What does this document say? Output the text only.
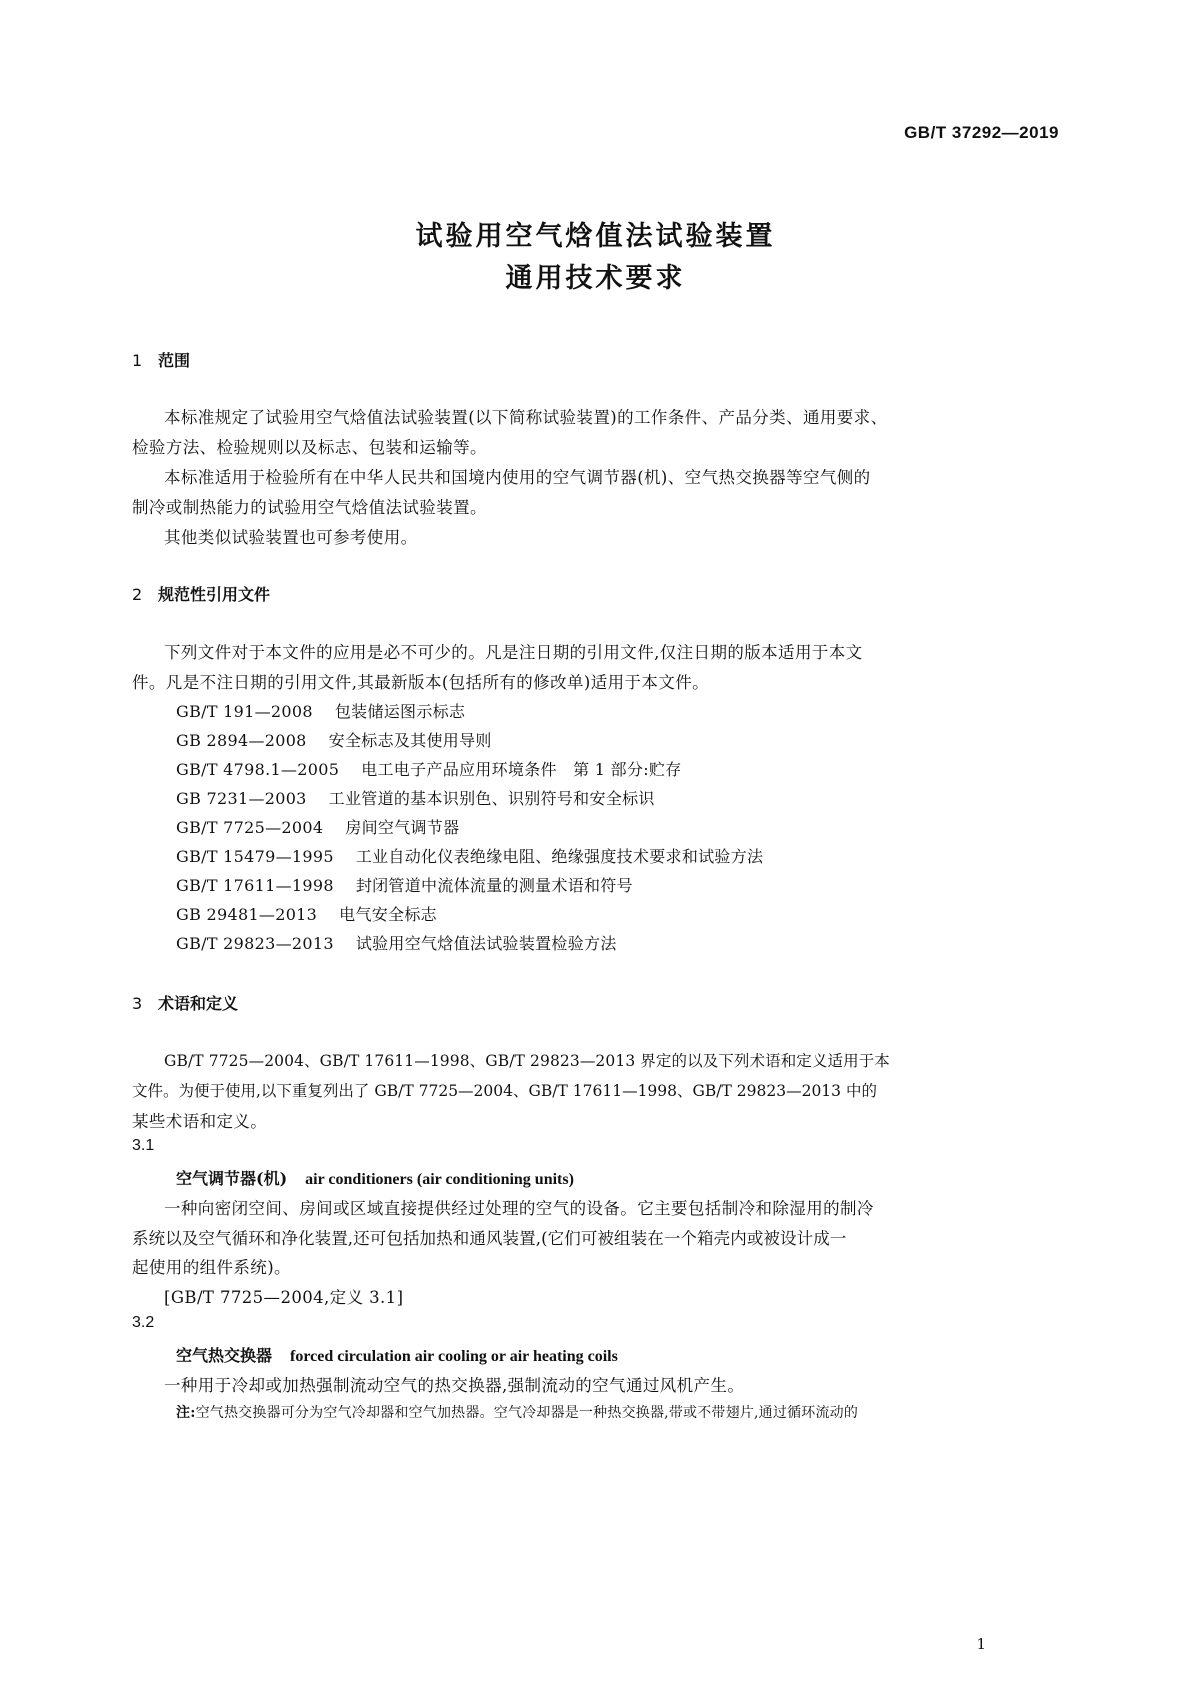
GB/T 37292—2019
试验用空气焓值法试验装置
通用技术要求
1 范围
本标准规定了试验用空气焓值法试验装置(以下简称试验装置)的工作条件、产品分类、通用要求、
检验方法、检验规则以及标志、包装和运输等。
本标准适用于检验所有在中华人民共和国境内使用的空气调节器(机)、空气热交换器等空气侧的
制冷或制热能力的试验用空气焓值法试验装置。
其他类似试验装置也可参考使用。
2 规范性引用文件
下列文件对于本文件的应用是必不可少的。凡是注日期的引用文件,仅注日期的版本适用于本文
件。凡是不注日期的引用文件,其最新版本(包括所有的修改单)适用于本文件。
GB/T 191—2008 包装储运图示标志
GB 2894—2008 安全标志及其使用导则
GB/T 4798.1—2005 电工电子产品应用环境条件　第 1 部分:贮存
GB 7231—2003 工业管道的基本识别色、识别符号和安全标识
GB/T 7725—2004 房间空气调节器
GB/T 15479—1995 工业自动化仪表绝缘电阻、绝缘强度技术要求和试验方法
GB/T 17611—1998 封闭管道中流体流量的测量术语和符号
GB 29481—2013 电气安全标志
GB/T 29823—2013 试验用空气焓值法试验装置检验方法
3 术语和定义
GB/T 7725—2004、GB/T 17611—1998、GB/T 29823—2013 界定的以及下列术语和定义适用于本
文件。为便于使用,以下重复列出了 GB/T 7725—2004、GB/T 17611—1998、GB/T 29823—2013 中的
某些术语和定义。
3.1
空气调节器(机) air conditioners (air conditioning units)
一种向密闭空间、房间或区域直接提供经过处理的空气的设备。它主要包括制冷和除湿用的制冷
系统以及空气循环和净化装置,还可包括加热和通风装置,(它们可被组装在一个箱壳内或被设计成一
起使用的组件系统)。
[GB/T 7725—2004,定义 3.1]
3.2
空气热交换器 forced circulation air cooling or air heating coils
一种用于冷却或加热强制流动空气的热交换器,强制流动的空气通过风机产生。
注:空气热交换器可分为空气冷却器和空气加热器。空气冷却器是一种热交换器,带或不带翅片,通过循环流动的
1
